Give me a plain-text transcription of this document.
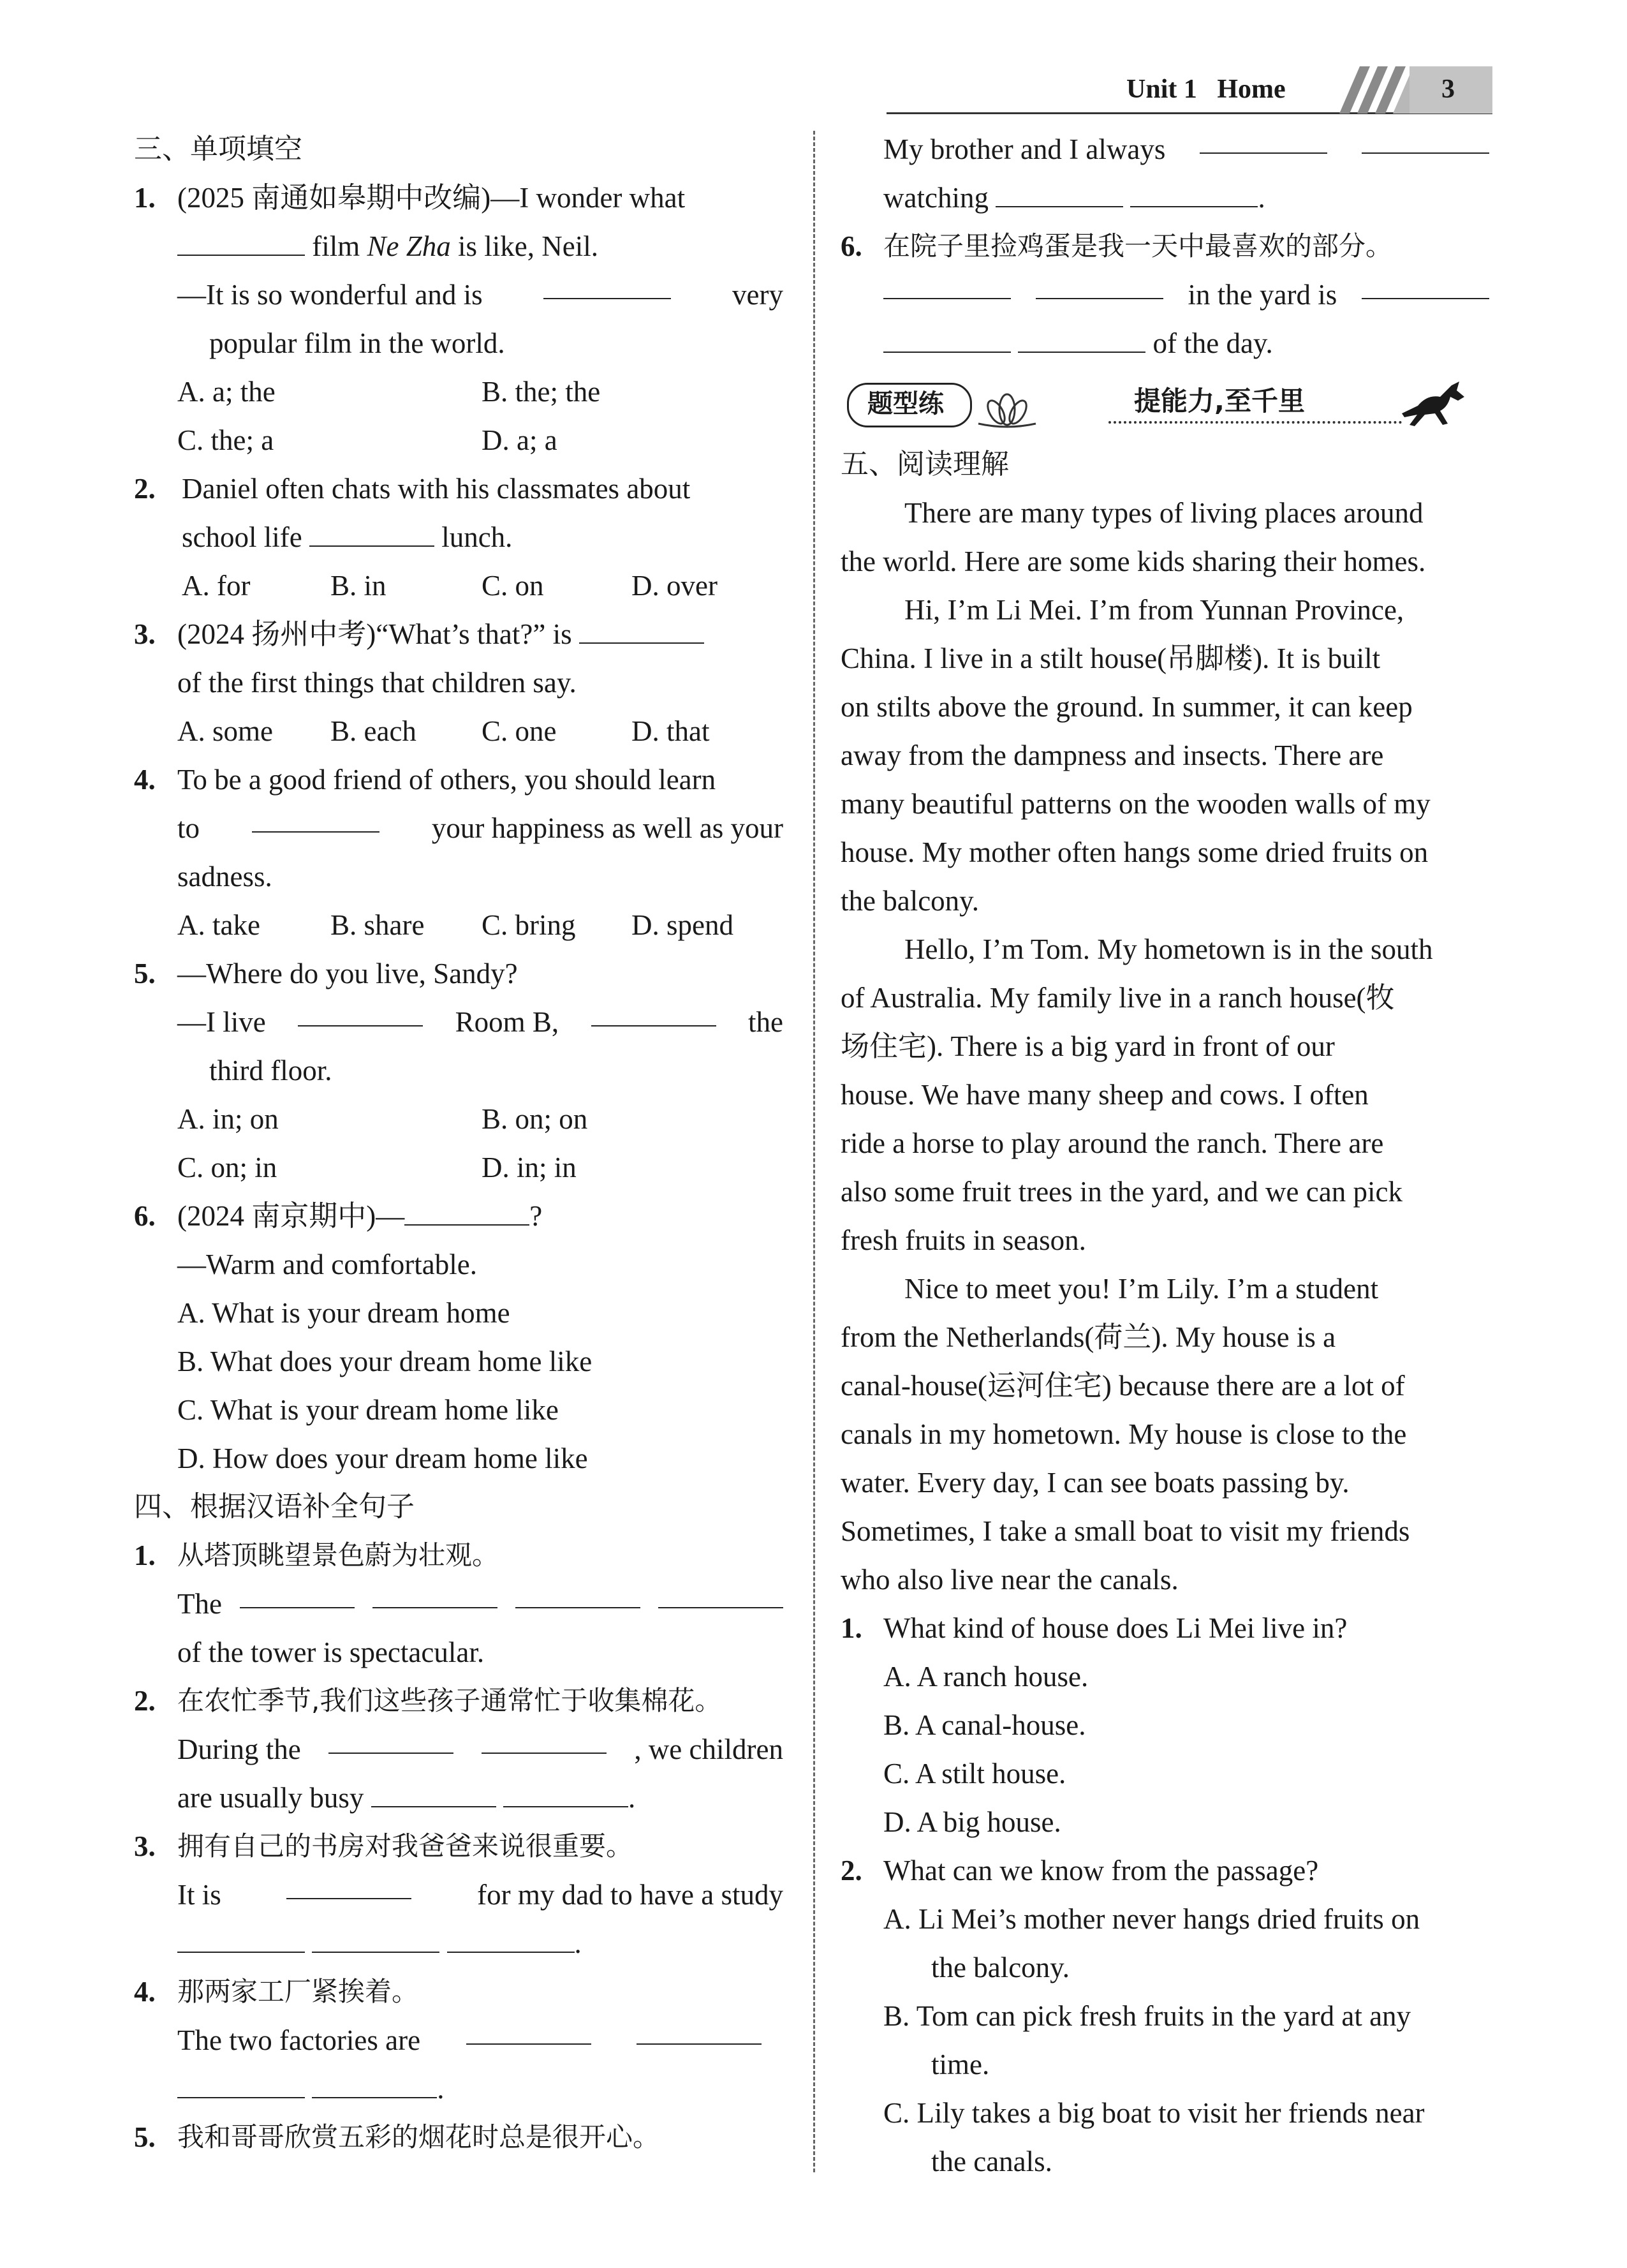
Unit 1 Home	3
三、单项填空
1. (2025 南通如皋期中改编)—I wonder what
film Ne Zha is like, Neil.
—It is so wonderful and is	very
popular film in the world.
A. a; the	B. the; the
C. the; a	D. a; a
2. Daniel often chats with his classmates about
school life	lunch.
A. for	B. in	C. on	D. over
3. (2024 扬州中考)“What’s that?” is
of the first things that children say.
A. some B. each C. one	D. that
4. To be a good friend of others, you should learn
to	your happiness as well as your
sadness.
A. take B. share C. bring D. spend
5. —Where do you live, Sandy?
—I live	Room B,	the
third floor.
A. in; on	B. on; on
C. on; in	D. in; in
6. (2024 南京期中)—	?
—Warm and comfortable.
A. What is your dream home
B. What does your dream home like
C. What is your dream home like
D. How does your dream home like
四、根据汉语补全句子
1. 从塔顶眺望景色蔚为壮观。
The
of the tower is spectacular.
2. 在农忙季节,我们这些孩子通常忙于收集棉花。
During the	, we children
are usually busy	.
3. 拥有自己的书房对我爸爸来说很重要。
It is	for my dad to have a study
.
4. 那两家工厂紧挨着。
The two factories are
.
5. 我和哥哥欣赏五彩的烟花时总是很开心。
My brother and I always
watching	.
6. 在院子里捡鸡蛋是我一天中最喜欢的部分。
in the yard is
of the day.
题型练	提能力,至千里
五、阅读理解
There are many types of living places around
the world. Here are some kids sharing their homes.
Hi, I’m Li Mei. I’m from Yunnan Province,
China. I live in a stilt house(吊脚楼). It is built
on stilts above the ground. In summer, it can keep
away from the dampness and insects. There are
many beautiful patterns on the wooden walls of my
house. My mother often hangs some dried fruits on
the balcony.
Hello, I’m Tom. My hometown is in the south
of Australia. My family live in a ranch house(牧
场住宅). There is a big yard in front of our
house. We have many sheep and cows. I often
ride a horse to play around the ranch. There are
also some fruit trees in the yard, and we can pick
fresh fruits in season.
Nice to meet you! I’m Lily. I’m a student
from the Netherlands(荷兰). My house is a
canal-house(运河住宅) because there are a lot of
canals in my hometown. My house is close to the
water. Every day, I can see boats passing by.
Sometimes, I take a small boat to visit my friends
who also live near the canals.
1. What kind of house does Li Mei live in?
A. A ranch house.
B. A canal-house.
C. A stilt house.
D. A big house.
2. What can we know from the passage?
A. Li Mei’s mother never hangs dried fruits on
the balcony.
B. Tom can pick fresh fruits in the yard at any
time.
C. Lily takes a big boat to visit her friends near
the canals.
